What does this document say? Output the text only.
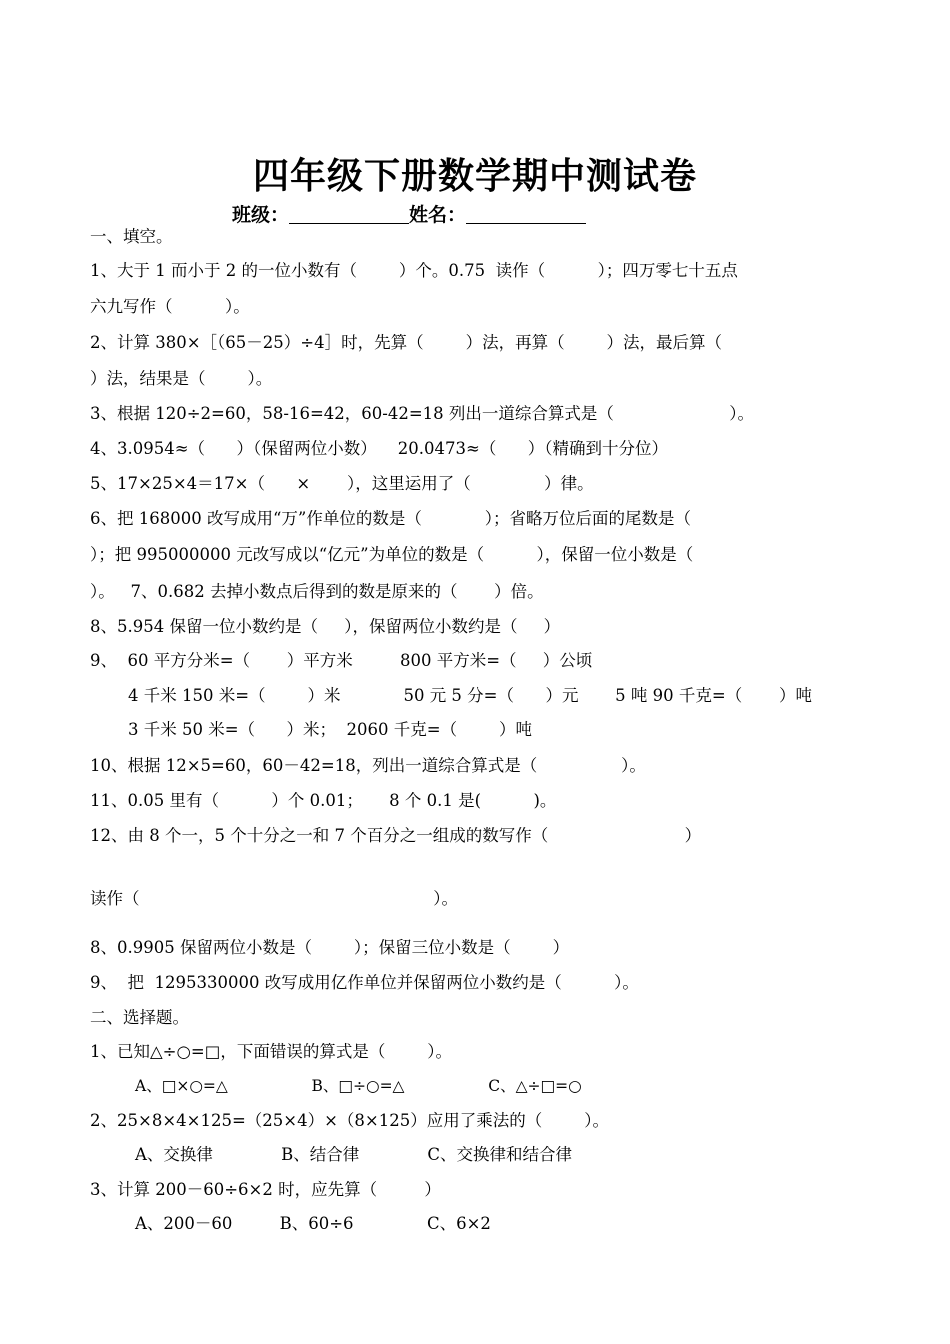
四年级下册数学期中测试卷
班级：	姓名：
一、填空。
1、大于 1 而小于 2 的一位小数有（        ）个。0.75  读作（          ）；四万零七十五点
六九写作（          ）。
2、计算 380×［（65－25）÷4］时，先算（        ）法，再算（        ）法，最后算（
）法，结果是（        ）。
3、根据 120÷2=60，58-16=42，60-42=18 列出一道综合算式是（                      ）。
4、3.0954≈（      ）（保留两位小数）    20.0473≈（      ）（精确到十分位）
5、17×25×4＝17×（      ×       ），这里运用了（              ）律。
6、把 168000 改写成用“万”作单位的数是（            ）；省略万位后面的尾数是（
）；把 995000000 元改写成以“亿元”为单位的数是（          ），保留一位小数是（
）。   7、0.682 去掉小数点后得到的数是原来的（       ）倍。
8、5.954 保留一位小数约是（     ），保留两位小数约是（     ）
9、  60 平方分米=（       ）平方米         800 平方米=（     ）公顷
4 千米 150 米=（        ）米            50 元 5 分=（      ）元       5 吨 90 千克=（       ）吨
3 千米 50 米=（      ）米；  2060 千克=（        ）吨
10、根据 12×5=60，60－42=18，列出一道综合算式是（                ）。
11、0.05 里有（          ）个 0.01；     8 个 0.1 是(          )。
12、由 8 个一，5 个十分之一和 7 个百分之一组成的数写作（                          ）
读作（                                                        ）。
8、0.9905 保留两位小数是（        ）；保留三位小数是（        ）
9、  把  1295330000 改写成用亿作单位并保留两位小数约是（          ）。
二、选择题。
1、已知△÷○=□，下面错误的算式是（        ）。
A、□×○=△                 B、□÷○=△                 C、△÷□=○
2、25×8×4×125=（25×4）×（8×125）应用了乘法的（        ）。
A、交换律             B、结合律             C、交换律和结合律
3、计算 200－60÷6×2 时，应先算（         ）
A、200－60         B、60÷6              C、6×2
